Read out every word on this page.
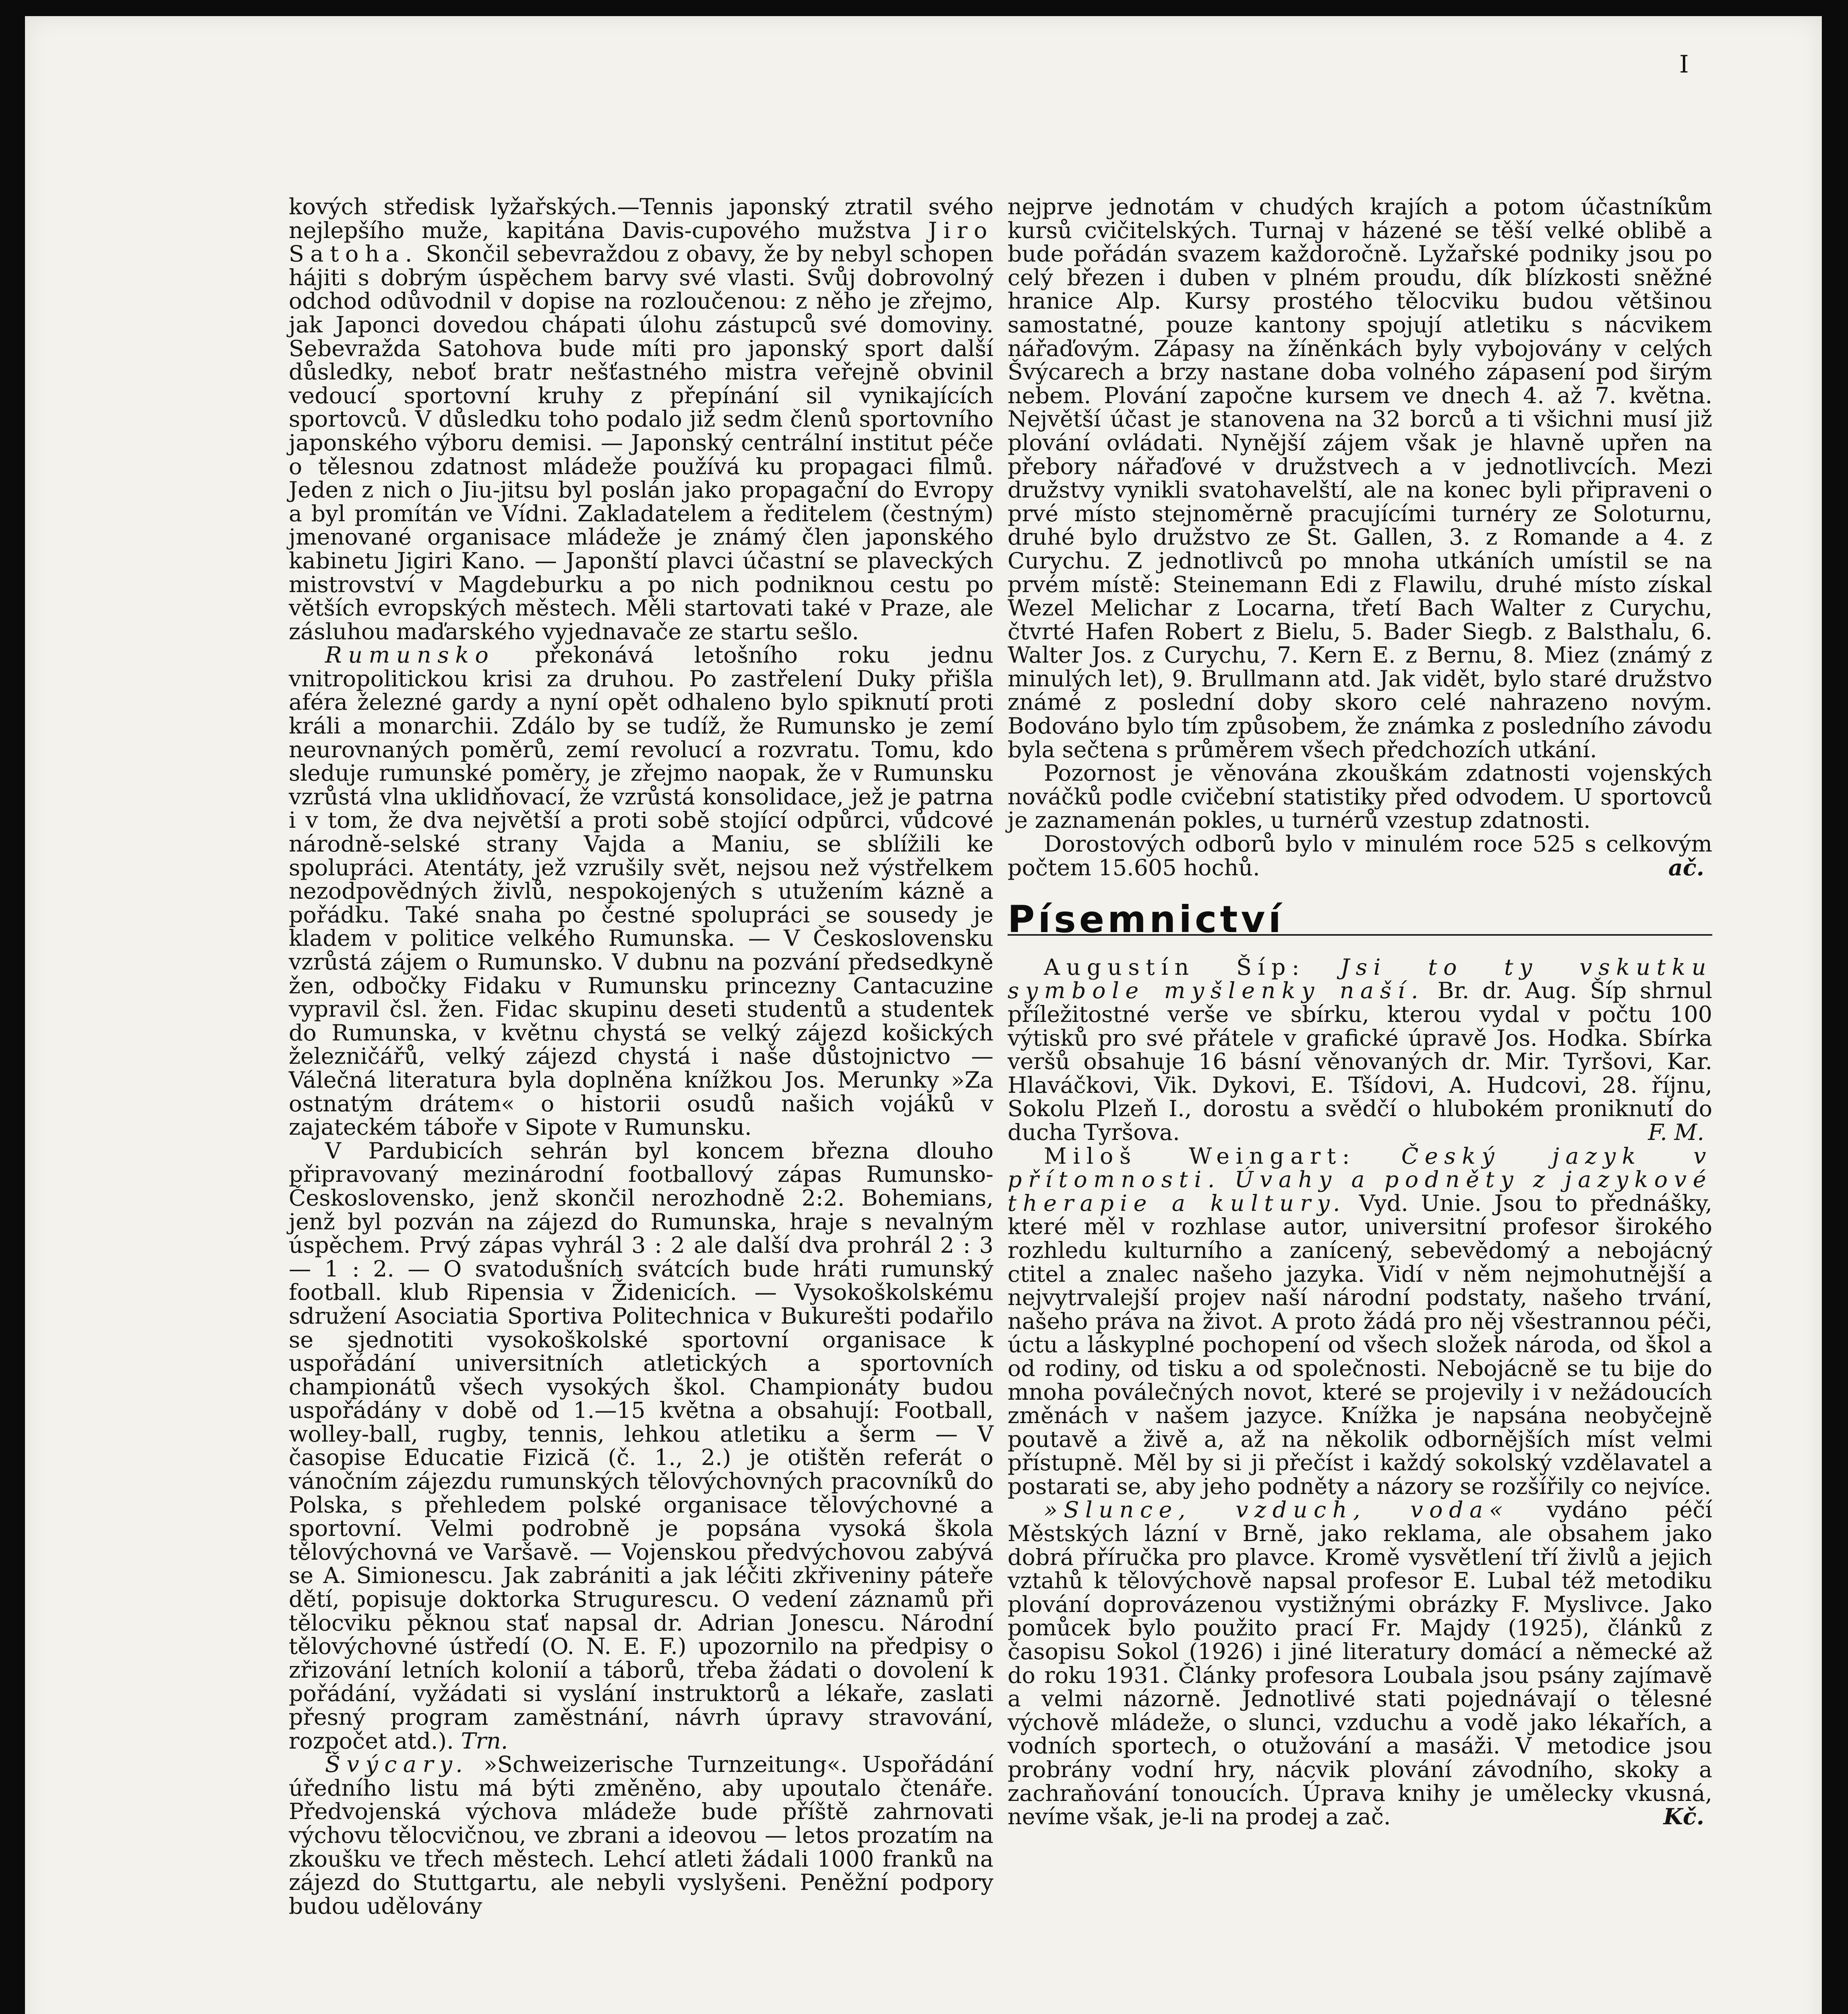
I

kových středisk lyžařských.—Tennis japonský ztratil svého nejlepšího muže, kapitána Davis-cupového mužstva Jiro Satoha. Skončil sebevraždou z obavy, že by nebyl schopen hájiti s dobrým úspěchem barvy své vlasti. Svůj dobrovolný odchod odůvodnil v dopise na rozloučenou: z něho je zřejmo, jak Japonci dovedou chápati úlohu zástupců své domoviny. Sebevražda Satohova bude míti pro japonský sport další důsledky, neboť bratr nešťastného mistra veřejně obvinil vedoucí sportovní kruhy z přepínání sil vynikajících sportovců. V důsledku toho podalo již sedm členů sportovního japonského výboru demisi. — Japonský centrální institut péče o tělesnou zdatnost mládeže používá ku propagaci filmů. Jeden z nich o Jiu-jitsu byl poslán jako propagační do Evropy a byl promítán ve Vídni. Zakladatelem a ředitelem (čestným) jmenované organisace mládeže je známý člen japonského kabinetu Jigiri Kano. — Japonští plavci účastní se plaveckých mistrovství v Magdeburku a po nich podniknou cestu po větších evropských městech. Měli startovati také v Praze, ale zásluhou maďarského vyjednavače ze startu sešlo.

Rumunsko překonává letošního roku jednu vnitropolitickou krisi za druhou. Po zastřelení Duky přišla aféra železné gardy a nyní opět odhaleno bylo spiknutí proti králi a monarchii. Zdálo by se tudíž, že Rumunsko je zemí neurovnaných poměrů, zemí revolucí a rozvratu. Tomu, kdo sleduje rumunské poměry, je zřejmo naopak, že v Rumunsku vzrůstá vlna uklidňovací, že vzrůstá konsolidace, jež je patrna i v tom, že dva největší a proti sobě stojící odpůrci, vůdcové národně-selské strany Vajda a Maniu, se sblížili ke spolupráci. Atentáty, jež vzrušily svět, nejsou než výstřelkem nezodpovědných živlů, nespokojených s utužením kázně a pořádku. Také snaha po čestné spolupráci se sousedy je kladem v politice velkého Rumunska. — V Československu vzrůstá zájem o Rumunsko. V dubnu na pozvání předsedkyně žen, odbočky Fidaku v Rumunsku princezny Cantacuzine vypravil čsl. žen. Fidac skupinu deseti studentů a studentek do Rumunska, v květnu chystá se velký zájezd košických železničářů, velký zájezd chystá i naše důstojnictvo — Válečná literatura byla doplněna knížkou Jos. Merunky »Za ostnatým drátem« o historii osudů našich vojáků v zajateckém táboře v Sipote v Rumunsku.

V Pardubicích sehrán byl koncem března dlouho připravovaný mezinárodní footballový zápas Rumunsko-Československo, jenž skončil nerozhodně 2:2. Bohemians, jenž byl pozván na zájezd do Rumunska, hraje s nevalným úspěchem. Prvý zápas vyhrál 3 : 2 ale další dva prohrál 2 : 3 — 1 : 2. — O svatodušních svátcích bude hráti rumunský football. klub Ripensia v Židenicích. — Vysokoškolskému sdružení Asociatia Sportiva Politechnica v Bukurešti podařilo se sjednotiti vysokoškolské sportovní organisace k uspořádání universitních atletických a sportovních championátů všech vysokých škol. Championáty budou uspořádány v době od 1.—15 května a obsahují: Football, wolley-ball, rugby, tennis, lehkou atletiku a šerm — V časopise Educatie Fizică (č. 1., 2.) je otištěn referát o vánočním zájezdu rumunských tělovýchovných pracovníků do Polska, s přehledem polské organisace tělovýchovné a sportovní. Velmi podrobně je popsána vysoká škola tělovýchovná ve Varšavě. — Vojenskou předvýchovou zabývá se A. Simionescu. Jak zabrániti a jak léčiti zkřiveniny páteře dětí, popisuje doktorka Strugurescu. O vedení záznamů při tělocviku pěknou stať napsal dr. Adrian Jonescu. Národní tělovýchovné ústředí (O. N. E. F.) upozornilo na předpisy o zřizování letních kolonií a táborů, třeba žádati o dovolení k pořádání, vyžádati si vyslání instruktorů a lékaře, zaslati přesný program zaměstnání, návrh úpravy stravování, rozpočet atd.). Trn.

Švýcary. »Schweizerische Turnzeitung«. Uspořádání úředního listu má býti změněno, aby upoutalo čtenáře. Předvojenská výchova mládeže bude příště zahrnovati výchovu tělocvičnou, ve zbrani a ideovou — letos prozatím na zkoušku ve třech městech. Lehcí atleti žádali 1000 franků na zájezd do Stuttgartu, ale nebyli vyslyšeni. Peněžní podpory budou udělovány

nejprve jednotám v chudých krajích a potom účastníkům kursů cvičitelských. Turnaj v házené se těší velké oblibě a bude pořádán svazem každoročně. Lyžařské podniky jsou po celý březen i duben v plném proudu, dík blízkosti sněžné hranice Alp. Kursy prostého tělocviku budou většinou samostatné, pouze kantony spojují atletiku s nácvikem nářaďovým. Zápasy na žíněnkách byly vybojovány v celých Švýcarech a brzy nastane doba volného zápasení pod širým nebem. Plování započne kursem ve dnech 4. až 7. května. Největší účast je stanovena na 32 borců a ti všichni musí již plování ovládati. Nynější zájem však je hlavně upřen na přebory nářaďové v družstvech a v jednotlivcích. Mezi družstvy vynikli svatohavelští, ale na konec byli připraveni o prvé místo stejnoměrně pracujícími turnéry ze Soloturnu, druhé bylo družstvo ze St. Gallen, 3. z Romande a 4. z Curychu. Z jednotlivců po mnoha utkáních umístil se na prvém místě: Steinemann Edi z Flawilu, druhé místo získal Wezel Melichar z Locarna, třetí Bach Walter z Curychu, čtvrté Hafen Robert z Bielu, 5. Bader Siegb. z Balsthalu, 6. Walter Jos. z Curychu, 7. Kern E. z Bernu, 8. Miez (známý z minulých let), 9. Brullmann atd. Jak vidět, bylo staré družstvo známé z poslední doby skoro celé nahrazeno novým. Bodováno bylo tím způsobem, že známka z posledního závodu byla sečtena s průměrem všech předchozích utkání.

Pozornost je věnována zkouškám zdatnosti vojenských nováčků podle cvičební statistiky před odvodem. U sportovců je zaznamenán pokles, u turnérů vzestup zdatnosti.

Dorostových odborů bylo v minulém roce 525 s celkovým počtem 15.605 hochů.	ač.

Písemnictví

Augustín Šíp: Jsi to ty vskutku symbole myšlenky naší. Br. dr. Aug. Šíp shrnul příležitostné verše ve sbírku, kterou vydal v počtu 100 výtisků pro své přátele v grafické úpravě Jos. Hodka. Sbírka veršů obsahuje 16 básní věnovaných dr. Mir. Tyršovi, Kar. Hlaváčkovi, Vik. Dykovi, E. Tšídovi, A. Hudcovi, 28. říjnu, Sokolu Plzeň I., dorostu a svědčí o hlubokém proniknutí do ducha Tyršova.	F. M.

Miloš Weingart: Český jazyk v přítomnosti. Úvahy a podněty z jazykové therapie a kultury. Vyd. Unie. Jsou to přednášky, které měl v rozhlase autor, universitní profesor širokého rozhledu kulturního a zanícený, sebevědomý a nebojácný ctitel a znalec našeho jazyka. Vidí v něm nejmohutnější a nejvytrvalejší projev naší národní podstaty, našeho trvání, našeho práva na život. A proto žádá pro něj všestrannou péči, úctu a láskyplné pochopení od všech složek národa, od škol a od rodiny, od tisku a od společnosti. Nebojácně se tu bije do mnoha poválečných novot, které se projevily i v nežádoucích změnách v našem jazyce. Knížka je napsána neobyčejně poutavě a živě a, až na několik odbornějších míst velmi přístupně. Měl by si ji přečíst i každý sokolský vzdělavatel a postarati se, aby jeho podněty a názory se rozšířily co nejvíce.

»Slunce, vzduch, voda« vydáno péčí Městských lázní v Brně, jako reklama, ale obsahem jako dobrá příručka pro plavce. Kromě vysvětlení tří živlů a jejich vztahů k tělovýchově napsal profesor E. Lubal též metodiku plování doprovázenou vystižnými obrázky F. Myslivce. Jako pomůcek bylo použito prací Fr. Majdy (1925), článků z časopisu Sokol (1926) i jiné literatury domácí a německé až do roku 1931. Články profesora Loubala jsou psány zajímavě a velmi názorně. Jednotlivé stati pojednávají o tělesné výchově mládeže, o slunci, vzduchu a vodě jako lékařích, a vodních sportech, o otužování a masáži. V metodice jsou probrány vodní hry, nácvik plování závodního, skoky a zachraňování tonoucích. Úprava knihy je umělecky vkusná, nevíme však, je-li na prodej a zač.	Kč.
